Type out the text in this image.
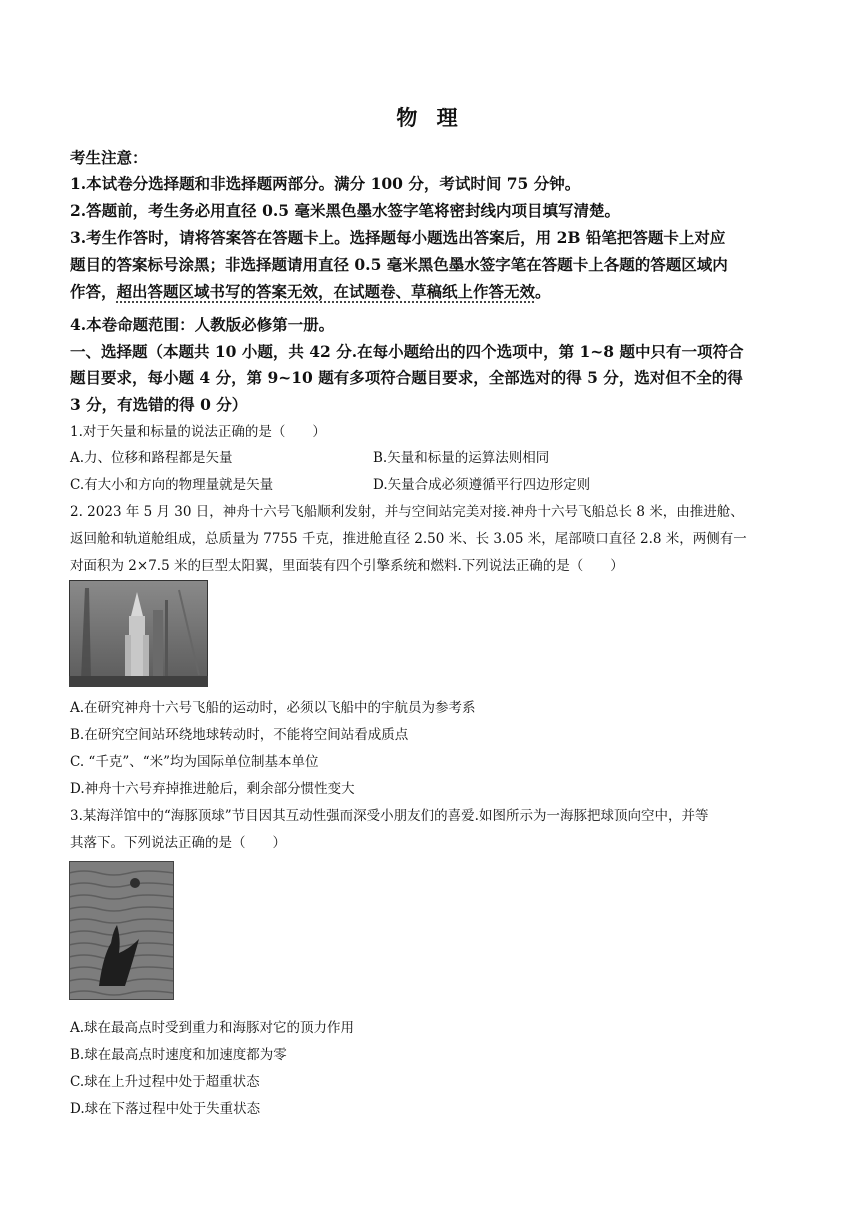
物 理
考生注意：
1.本试卷分选择题和非选择题两部分。满分 100 分，考试时间 75 分钟。
2.答题前，考生务必用直径 0.5 毫米黑色墨水签字笔将密封线内项目填写清楚。
3.考生作答时，请将答案答在答题卡上。选择题每小题选出答案后，用 2B 铅笔把答题卡上对应
题目的答案标号涂黑；非选择题请用直径 0.5 毫米黑色墨水签字笔在答题卡上各题的答题区域内
作答，超出答题区域书写的答案无效，在试题卷、草稿纸上作答无效。
4.本卷命题范围：人教版必修第一册。
一、选择题（本题共 10 小题，共 42 分.在每小题给出的四个选项中，第 1~8 题中只有一项符合
题目要求，每小题 4 分，第 9~10 题有多项符合题目要求，全部选对的得 5 分，选对但不全的得
3 分，有选错的得 0 分）
1.对于矢量和标量的说法正确的是（　　）
A.力、位移和路程都是矢量	B.矢量和标量的运算法则相同
C.有大小和方向的物理量就是矢量	D.矢量合成必须遵循平行四边形定则
2. 2023 年 5 月 30 日，神舟十六号飞船顺利发射，并与空间站完美对接.神舟十六号飞船总长 8 米，由推进舱、
返回舱和轨道舱组成，总质量为 7755 千克，推进舱直径 2.50 米、长 3.05 米，尾部喷口直径 2.8 米，两侧有一
对面积为 2×7.5 米的巨型太阳翼，里面装有四个引擎系统和燃料.下列说法正确的是（　　）
A.在研究神舟十六号飞船的运动时，必须以飞船中的宇航员为参考系
B.在研究空间站环绕地球转动时，不能将空间站看成质点
C. “千克”、“米”均为国际单位制基本单位
D.神舟十六号弃掉推进舱后，剩余部分惯性变大
3.某海洋馆中的“海豚顶球”节目因其互动性强而深受小朋友们的喜爱.如图所示为一海豚把球顶向空中，并等
其落下。下列说法正确的是（　　）
A.球在最高点时受到重力和海豚对它的顶力作用
B.球在最高点时速度和加速度都为零
C.球在上升过程中处于超重状态
D.球在下落过程中处于失重状态
